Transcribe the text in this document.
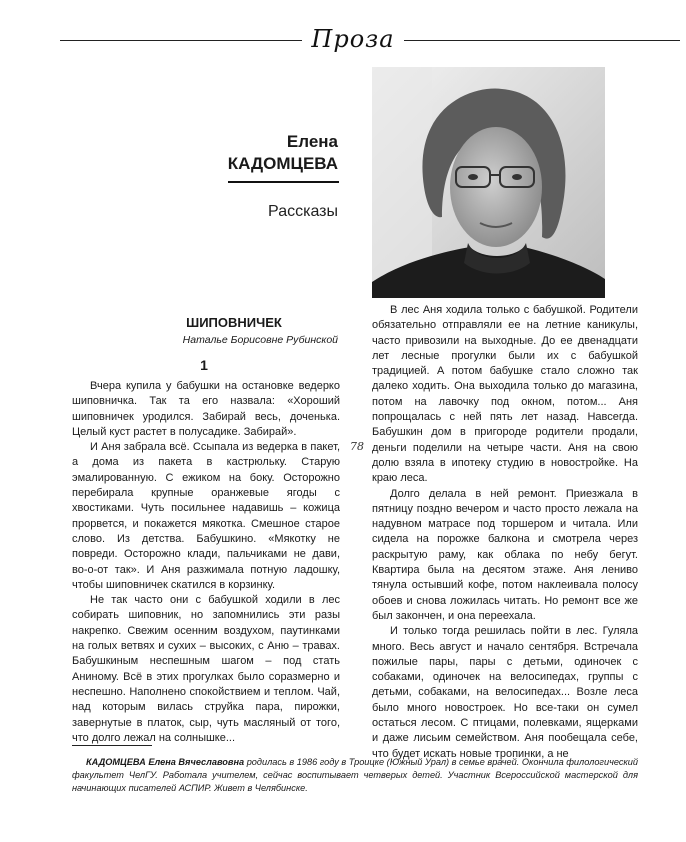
Проза
Елена
КАДОМЦЕВА
Рассказы
ШИПОВНИЧЕК
Наталье Борисовне Рубинской
1

Вчера купила у бабушки на остановке ведерко шиповничка. Так та его назвала: «Хороший шиповничек уродился. Забирай весь, доченька. Целый куст растет в полусадике. Забирай».

И Аня забрала всё. Ссыпала из ведерка в пакет, а дома из пакета в кастрюльку. Старую эмалированную. С ежиком на боку. Осторожно перебирала крупные оранжевые ягоды с хвостиками. Чуть посильнее надавишь – кожица прорвется, и покажется мякотка. Смешное старое слово. Из детства. Бабушкино. «Мякотку не повреди. Осторожно клади, пальчиками не дави, во-о-от так». И Аня разжимала потную ладошку, чтобы шиповничек скатился в корзинку.

Не так часто они с бабушкой ходили в лес собирать шиповник, но запомнились эти разы накрепко. Свежим осенним воздухом, паутинками на голых ветвях и сухих – высоких, с Аню – травах. Бабушкиным неспешным шагом – под стать Аниному. Всё в этих прогулках было соразмерно и неспешно. Наполнено спокойствием и теплом. Чай, над которым вилась струйка пара, пирожки, завернутые в платок, сыр, чуть масляный от того, что долго лежал на солнышке...

78

В лес Аня ходила только с бабушкой. Родители обязательно отправляли ее на летние каникулы, часто привозили на выходные. До ее двенадцати лет лесные прогулки были их с бабушкой традицией. А потом бабушке стало сложно так далеко ходить. Она выходила только до магазина, потом на лавочку под окном, потом... Аня попрощалась с ней пять лет назад. Навсегда. Бабушкин дом в пригороде родители продали, деньги поделили на четыре части. Аня на свою долю взяла в ипотеку студию в новостройке. На краю леса.

Долго делала в ней ремонт. Приезжала в пятницу поздно вечером и часто просто лежала на надувном матрасе под торшером и читала. Или сидела на порожке балкона и смотрела через раскрытую раму, как облака по небу бегут. Квартира была на десятом этаже. Аня лениво тянула остывший кофе, потом наклеивала полосу обоев и снова ложилась читать. Но ремонт все же был закончен, и она переехала.

И только тогда решилась пойти в лес. Гуляла много. Весь август и начало сентября. Встречала пожилые пары, пары с детьми, одиночек с собаками, одиночек на велосипедах, группы с детьми, собаками, на велосипедах... Возле леса было много новостроек. Но все-таки он сумел остаться лесом. С птицами, полевками, ящерками и даже лисьим семейством. Аня пообещала себе, что будет искать новые тропинки, а не

КАДОМЦЕВА Елена Вячеславовна родилась в 1986 году в Троицке (Южный Урал) в семье врачей. Окончила филологический факультет ЧелГУ. Работала учителем, сейчас воспитывает четверых детей. Участник Всероссийской мастерской для начинающих писателей АСПИР. Живет в Челябинске.
